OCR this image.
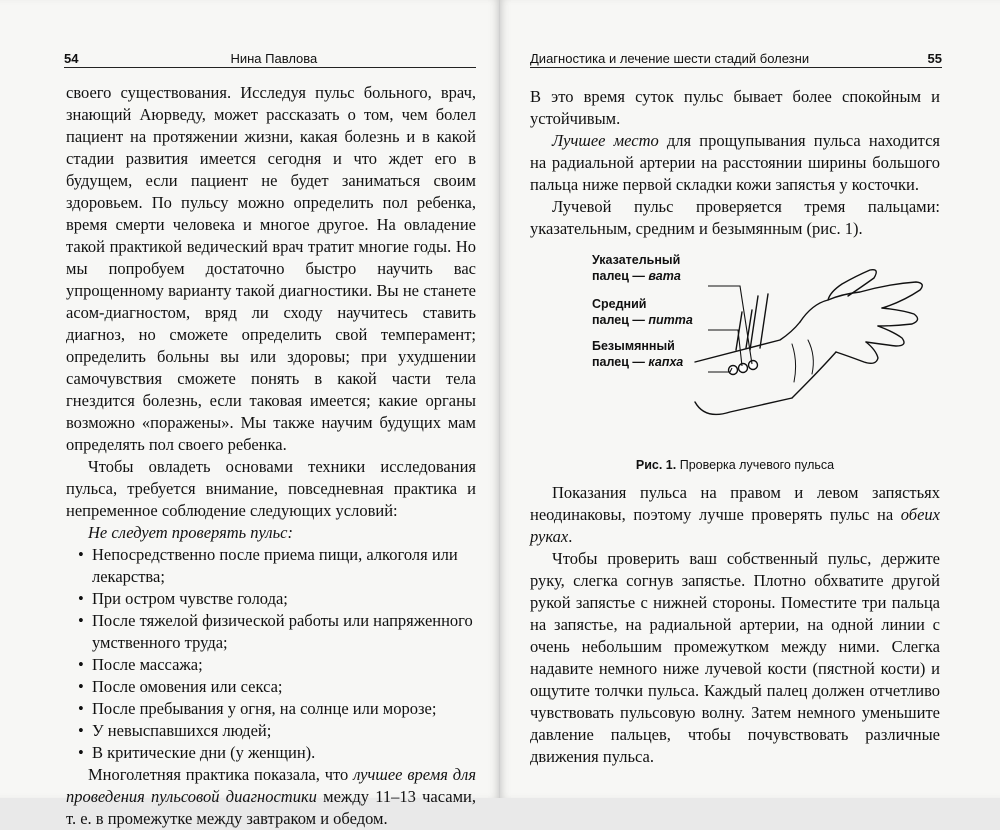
54	Нина Павлова

своего существования. Исследуя пульс больного, врач, знающий Аюрведу, может рассказать о том, чем болел пациент на протяжении жизни, какая болезнь и в какой стадии развития имеется сегодня и что ждет его в будущем, если пациент не будет заниматься своим здоровьем. По пульсу можно определить пол ребенка, время смерти человека и многое другое. На овладение такой практикой ведический врач тратит многие годы. Но мы попробуем достаточно быстро научить вас упрощенному варианту такой диагностики. Вы не станете асом-диагностом, вряд ли сходу научитесь ставить диагноз, но сможете определить свой темперамент; определить больны вы или здоровы; при ухудшении самочувствия сможете понять в какой части тела гнездится болезнь, если таковая имеется; какие органы возможно «поражены». Мы также научим будущих мам определять пол своего ребенка.

Чтобы овладеть основами техники исследования пульса, требуется внимание, повседневная практика и непременное соблюдение следующих условий:

Не следует проверять пульс:

• Непосредственно после приема пищи, алкоголя или лекарства;
• При остром чувстве голода;
• После тяжелой физической работы или напряженного умственного труда;
• После массажа;
• После омовения или секса;
• После пребывания у огня, на солнце или морозе;
• У невыспавшихся людей;
• В критические дни (у женщин).

Многолетняя практика показала, что лучшее время для проведения пульсовой диагностики между 11–13 часами, т. е. в промежутке между завтраком и обедом.

Диагностика и лечение шести стадий болезни	55

В это время суток пульс бывает более спокойным и устойчивым.

Лучшее место для прощупывания пульса находится на радиальной артерии на расстоянии ширины большого пальца ниже первой складки кожи запястья у косточки.

Лучевой пульс проверяется тремя пальцами: указательным, средним и безымянным (рис. 1).

Указательный
палец — вата
Средний
палец — питта
Безымянный
палец — капха
Рис. 1. Проверка лучевого пульса

Показания пульса на правом и левом запястьях неодинаковы, поэтому лучше проверять пульс на обеих руках.

Чтобы проверить ваш собственный пульс, держите руку, слегка согнув запястье. Плотно обхватите другой рукой запястье с нижней стороны. Поместите три пальца на запястье, на радиальной артерии, на одной линии с очень небольшим промежутком между ними. Слегка надавите немного ниже лучевой кости (пястной кости) и ощутите толчки пульса. Каждый палец должен отчетливо чувствовать пульсовую волну. Затем немного уменьшите давление пальцев, чтобы почувствовать различные движения пульса.
